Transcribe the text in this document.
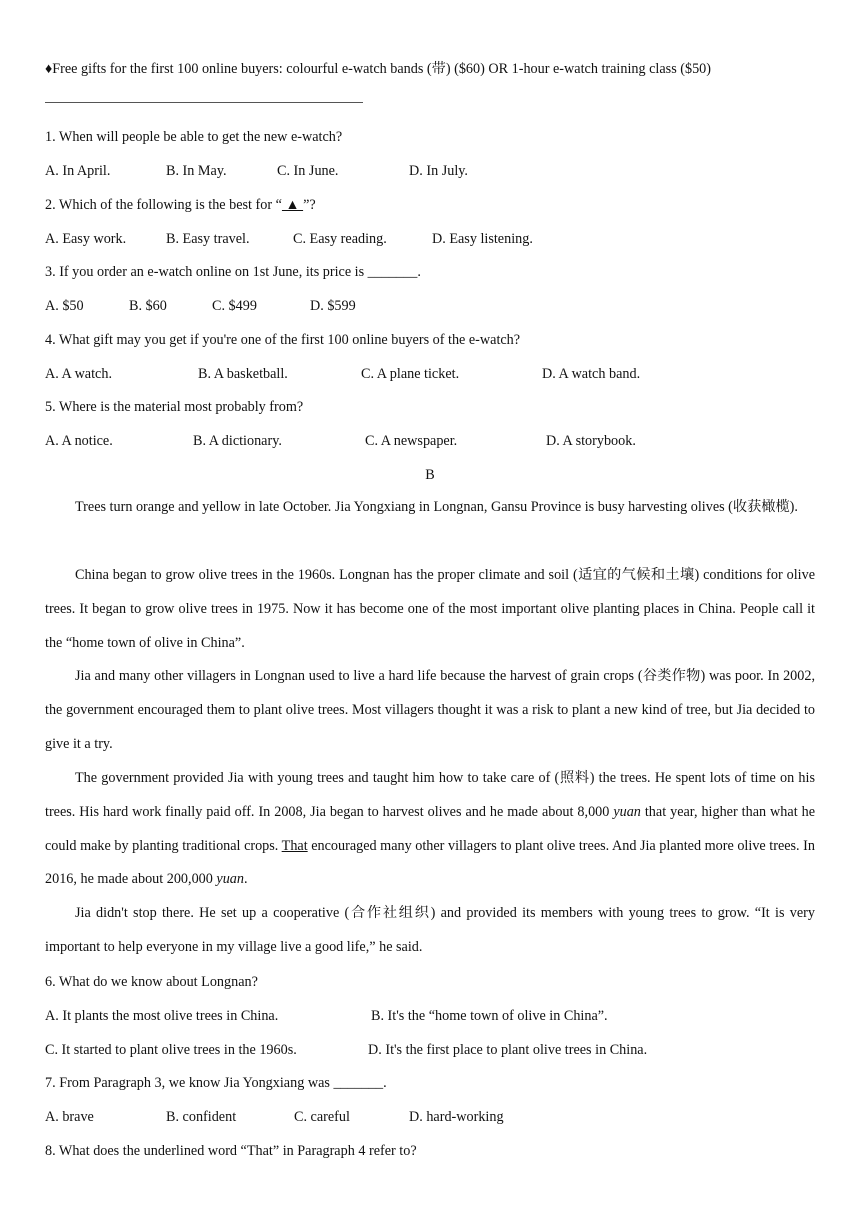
♦Free gifts for the first 100 online buyers: colourful e-watch bands (带) ($60) OR 1-hour e-watch training class ($50)
1. When will people be able to get the new e-watch?
A. In April.	B. In May.	C. In June.	D. In July.
2. Which of the following is the best for “ ▲ ”?
A. Easy work.	B. Easy travel.	C. Easy reading.	D. Easy listening.
3. If you order an e-watch online on 1st June, its price is _______.
A. $50	B. $60	C. $499	D. $599
4. What gift may you get if you're one of the first 100 online buyers of the e-watch?
A. A watch.	B. A basketball.	C. A plane ticket.	D. A watch band.
5. Where is the material most probably from?
A. A notice.	B. A dictionary.	C. A newspaper.	D. A storybook.
B
Trees turn orange and yellow in late October. Jia Yongxiang in Longnan, Gansu Province is busy harvesting olives (收获橄榄).
China began to grow olive trees in the 1960s. Longnan has the proper climate and soil (适宜的气候和土壤) conditions for olive trees. It began to grow olive trees in 1975. Now it has become one of the most important olive planting places in China. People call it the “home town of olive in China”.
Jia and many other villagers in Longnan used to live a hard life because the harvest of grain crops (谷类作物) was poor. In 2002, the government encouraged them to plant olive trees. Most villagers thought it was a risk to plant a new kind of tree, but Jia decided to give it a try.
The government provided Jia with young trees and taught him how to take care of (照料) the trees. He spent lots of time on his trees. His hard work finally paid off. In 2008, Jia began to harvest olives and he made about 8,000 yuan that year, higher than what he could make by planting traditional crops. That encouraged many other villagers to plant olive trees. And Jia planted more olive trees. In 2016, he made about 200,000 yuan.
Jia didn't stop there. He set up a cooperative (合作社组织) and provided its members with young trees to grow. “It is very important to help everyone in my village live a good life,” he said.
6. What do we know about Longnan?
A. It plants the most olive trees in China.	B. It's the “home town of olive in China”.
C. It started to plant olive trees in the 1960s.	D. It's the first place to plant olive trees in China.
7. From Paragraph 3, we know Jia Yongxiang was _______.
A. brave	B. confident	C. careful	D. hard-working
8. What does the underlined word “That” in Paragraph 4 refer to?
